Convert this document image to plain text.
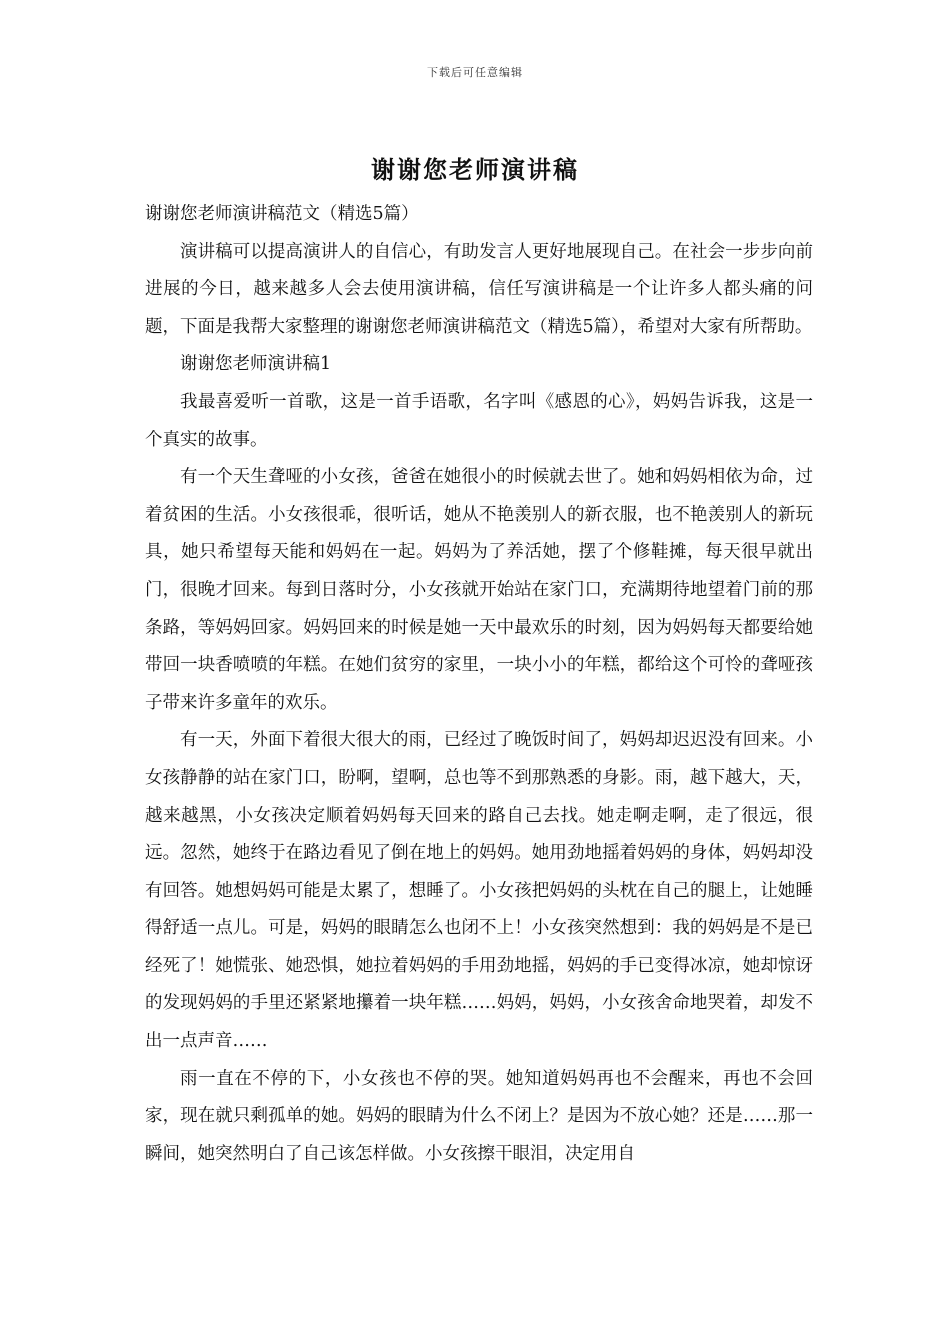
下载后可任意编辑
谢谢您老师演讲稿

谢谢您老师演讲稿范文（精选5篇）

演讲稿可以提高演讲人的自信心，有助发言人更好地展现自己。在社会一步步向前进展的今日，越来越多人会去使用演讲稿，信任写演讲稿是一个让许多人都头痛的问题，下面是我帮大家整理的谢谢您老师演讲稿范文（精选5篇），希望对大家有所帮助。

谢谢您老师演讲稿1

我最喜爱听一首歌，这是一首手语歌，名字叫《感恩的心》，妈妈告诉我，这是一个真实的故事。

有一个天生聋哑的小女孩，爸爸在她很小的时候就去世了。她和妈妈相依为命，过着贫困的生活。小女孩很乖，很听话，她从不艳羡别人的新衣服，也不艳羡别人的新玩具，她只希望每天能和妈妈在一起。妈妈为了养活她，摆了个修鞋摊，每天很早就出门，很晚才回来。每到日落时分，小女孩就开始站在家门口，充满期待地望着门前的那条路，等妈妈回家。妈妈回来的时候是她一天中最欢乐的时刻，因为妈妈每天都要给她带回一块香喷喷的年糕。在她们贫穷的家里，一块小小的年糕，都给这个可怜的聋哑孩子带来许多童年的欢乐。

有一天，外面下着很大很大的雨，已经过了晚饭时间了，妈妈却迟迟没有回来。小女孩静静的站在家门口，盼啊，望啊，总也等不到那熟悉的身影。雨，越下越大，天，越来越黑，小女孩决定顺着妈妈每天回来的路自己去找。她走啊走啊，走了很远，很远。忽然，她终于在路边看见了倒在地上的妈妈。她用劲地摇着妈妈的身体，妈妈却没有回答。她想妈妈可能是太累了，想睡了。小女孩把妈妈的头枕在自己的腿上，让她睡得舒适一点儿。可是，妈妈的眼睛怎么也闭不上！小女孩突然想到：我的妈妈是不是已经死了！她慌张、她恐惧，她拉着妈妈的手用劲地摇，妈妈的手已变得冰凉，她却惊讶的发现妈妈的手里还紧紧地攥着一块年糕……妈妈，妈妈，小女孩舍命地哭着，却发不出一点声音……

雨一直在不停的下，小女孩也不停的哭。她知道妈妈再也不会醒来，再也不会回家，现在就只剩孤单的她。妈妈的眼睛为什么不闭上？是因为不放心她？还是……那一瞬间，她突然明白了自己该怎样做。小女孩擦干眼泪，决定用自
